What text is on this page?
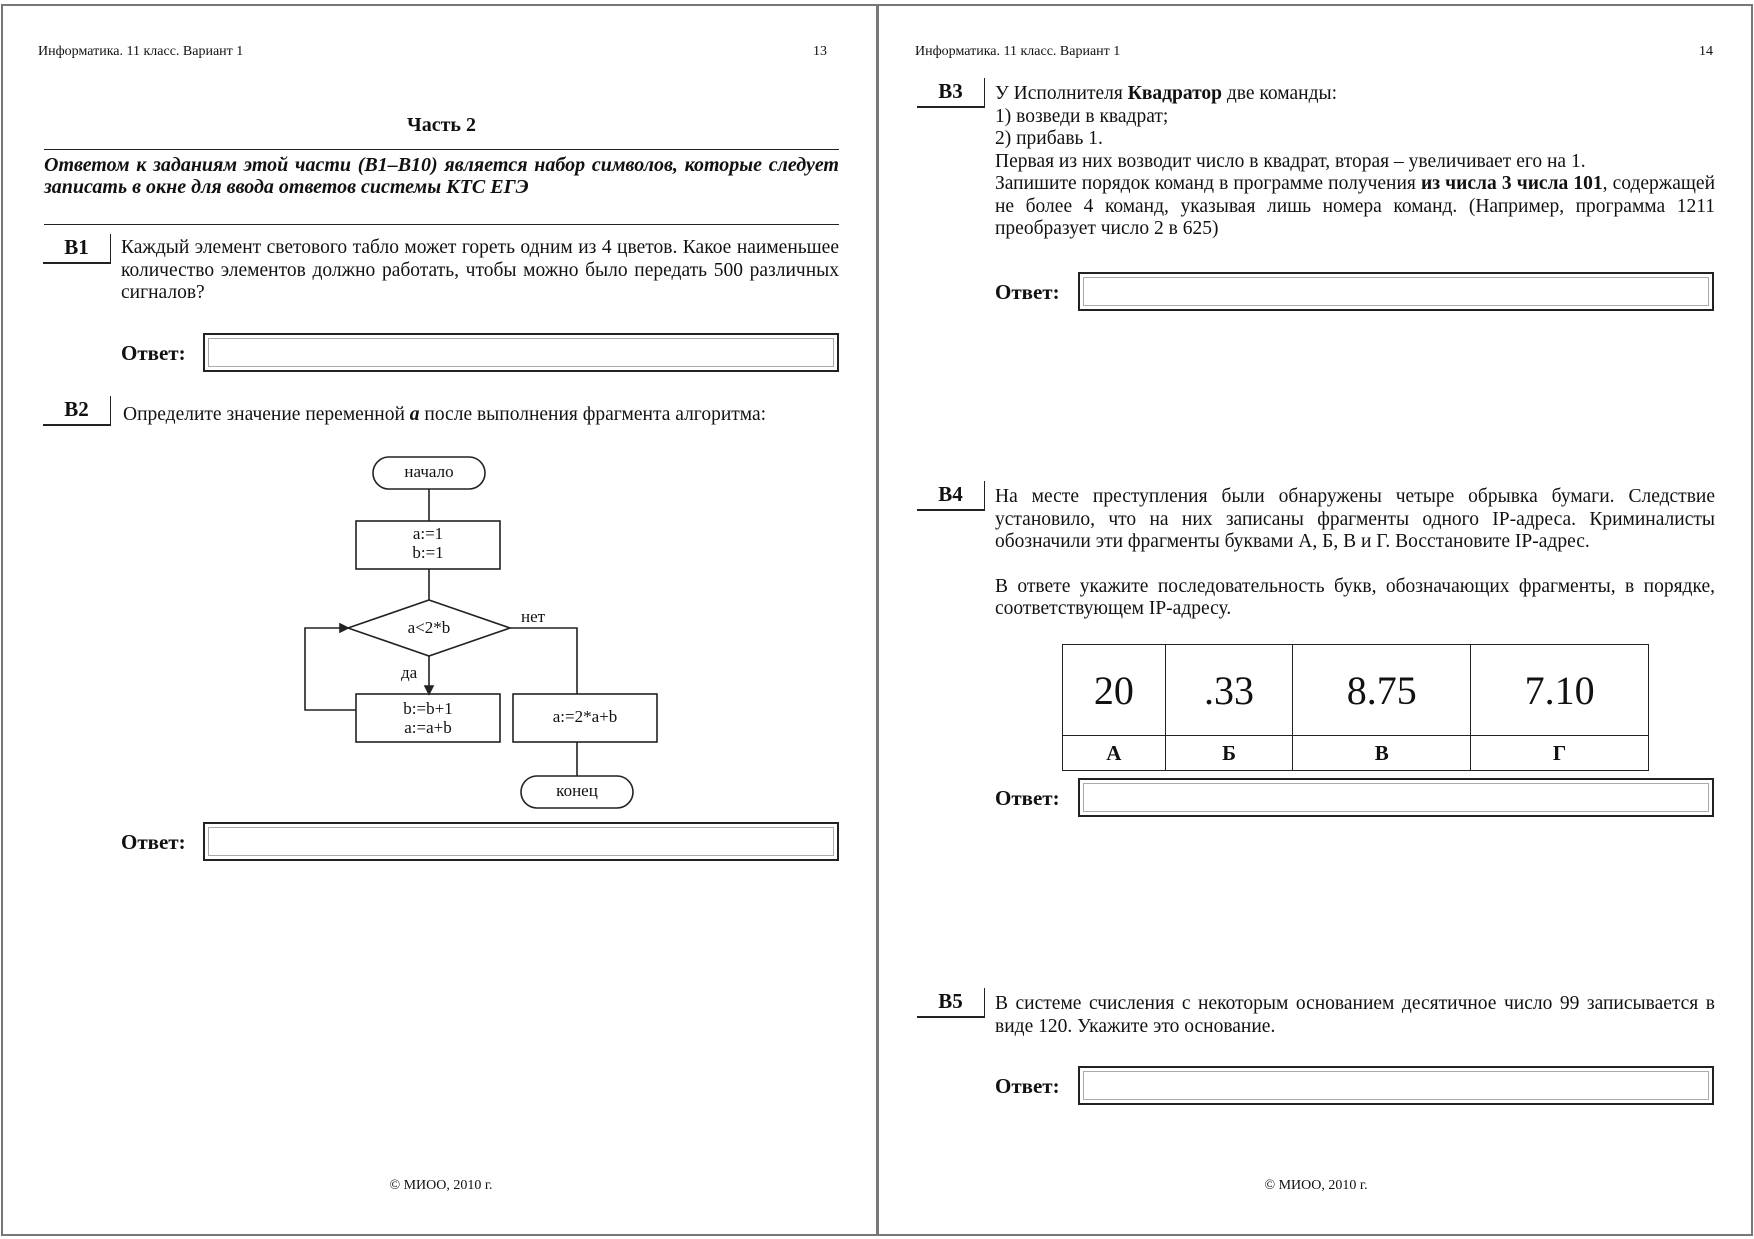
Информатика. 11 класс. Вариант 1	13
Часть 2
Ответом к заданиям этой части (В1–В10) является набор символов, которые следует записать в окне для ввода ответов системы КТС ЕГЭ
В1	Каждый элемент светового табло может гореть одним из 4 цветов. Какое наименьшее количество элементов должно работать, чтобы можно было передать 500 различных сигналов?
Ответ:
В2	Определите значение переменной a после выполнения фрагмента алгоритма:
начало
a:=1
b:=1
a<2*b
да
нет
b:=b+1
a:=a+b
a:=2*a+b
конец
Ответ:
© МИОО, 2010 г.
Информатика. 11 класс. Вариант 1	14
В3	У Исполнителя Квадратор две команды:
1) возведи в квадрат;
2) прибавь 1.
Первая из них возводит число в квадрат, вторая – увеличивает его на 1.
Запишите порядок команд в программе получения из числа 3 числа 101, содержащей не более 4 команд, указывая лишь номера команд. (Например, программа 1211 преобразует число 2 в 625)
Ответ:
В4	На месте преступления были обнаружены четыре обрывка бумаги. Следствие установило, что на них записаны фрагменты одного IP-адреса. Криминалисты обозначили эти фрагменты буквами А, Б, В и Г. Восстановите IP-адрес.
В ответе укажите последовательность букв, обозначающих фрагменты, в порядке, соответствующем IP-адресу.
20	.33	8.75	7.10
А	Б	В	Г
Ответ:
В5	В системе счисления с некоторым основанием десятичное число 99 записывается в виде 120. Укажите это основание.
Ответ:
© МИОО, 2010 г.
